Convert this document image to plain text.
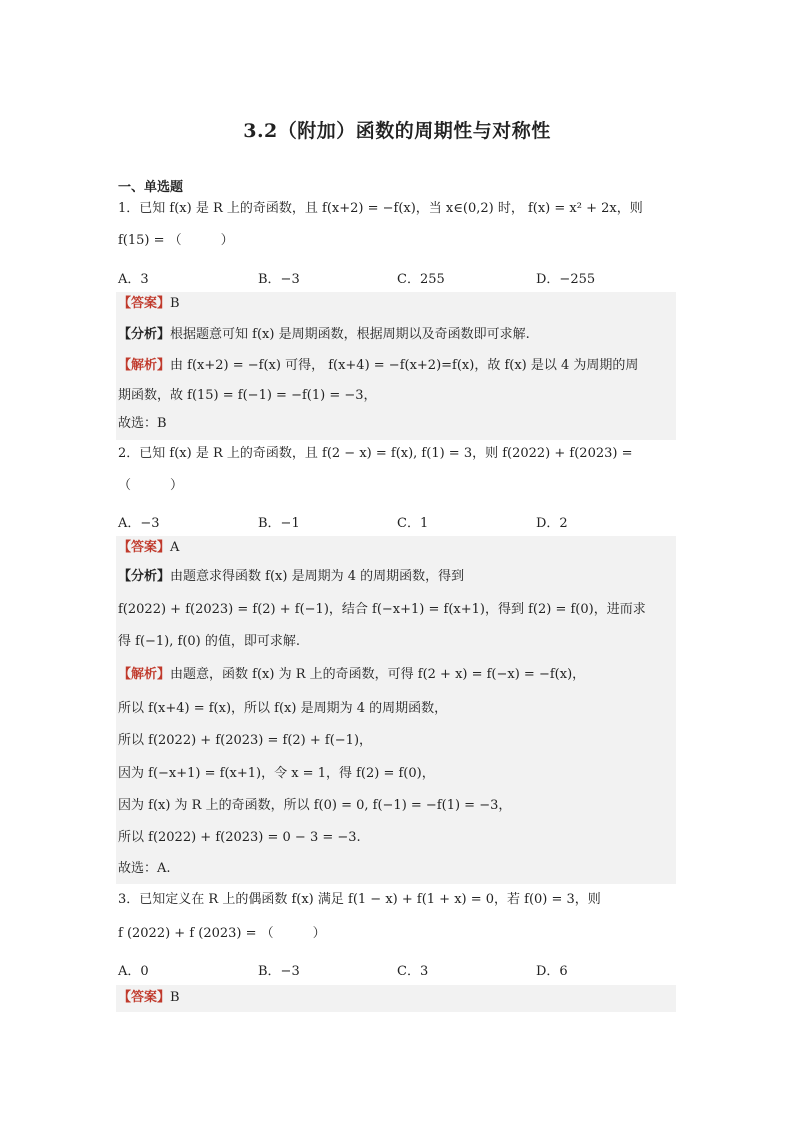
3.2（附加）函数的周期性与对称性
一、单选题
1．已知 f(x) 是 R 上的奇函数，且 f(x+2) = −f(x)，当 x∈(0,2) 时， f(x) = x² + 2x，则
f(15) = （　　　）
A．3	B．−3	C．255	D．−255
【答案】B
【分析】根据题意可知 f(x) 是周期函数，根据周期以及奇函数即可求解.
【解析】由 f(x+2) = −f(x) 可得， f(x+4) = −f(x+2)=f(x)，故 f(x) 是以 4 为周期的周
期函数，故 f(15) = f(−1) = −f(1) = −3，
故选：B
2．已知 f(x) 是 R 上的奇函数，且 f(2 − x) = f(x), f(1) = 3，则 f(2022) + f(2023) =
（　　　）
A．−3	B．−1	C．1	D．2
【答案】A
【分析】由题意求得函数 f(x) 是周期为 4 的周期函数，得到
f(2022) + f(2023) = f(2) + f(−1)，结合 f(−x+1) = f(x+1)，得到 f(2) = f(0)，进而求
得 f(−1), f(0) 的值，即可求解.
【解析】由题意，函数 f(x) 为 R 上的奇函数，可得 f(2 + x) = f(−x) = −f(x)，
所以 f(x+4) = f(x)，所以 f(x) 是周期为 4 的周期函数，
所以 f(2022) + f(2023) = f(2) + f(−1)，
因为 f(−x+1) = f(x+1)，令 x = 1，得 f(2) = f(0)，
因为 f(x) 为 R 上的奇函数，所以 f(0) = 0, f(−1) = −f(1) = −3，
所以 f(2022) + f(2023) = 0 − 3 = −3.
故选：A.
3．已知定义在 R 上的偶函数 f(x) 满足 f(1 − x) + f(1 + x) = 0，若 f(0) = 3，则
f (2022) + f (2023) = （　　　）
A．0	B．−3	C．3	D．6
【答案】B
